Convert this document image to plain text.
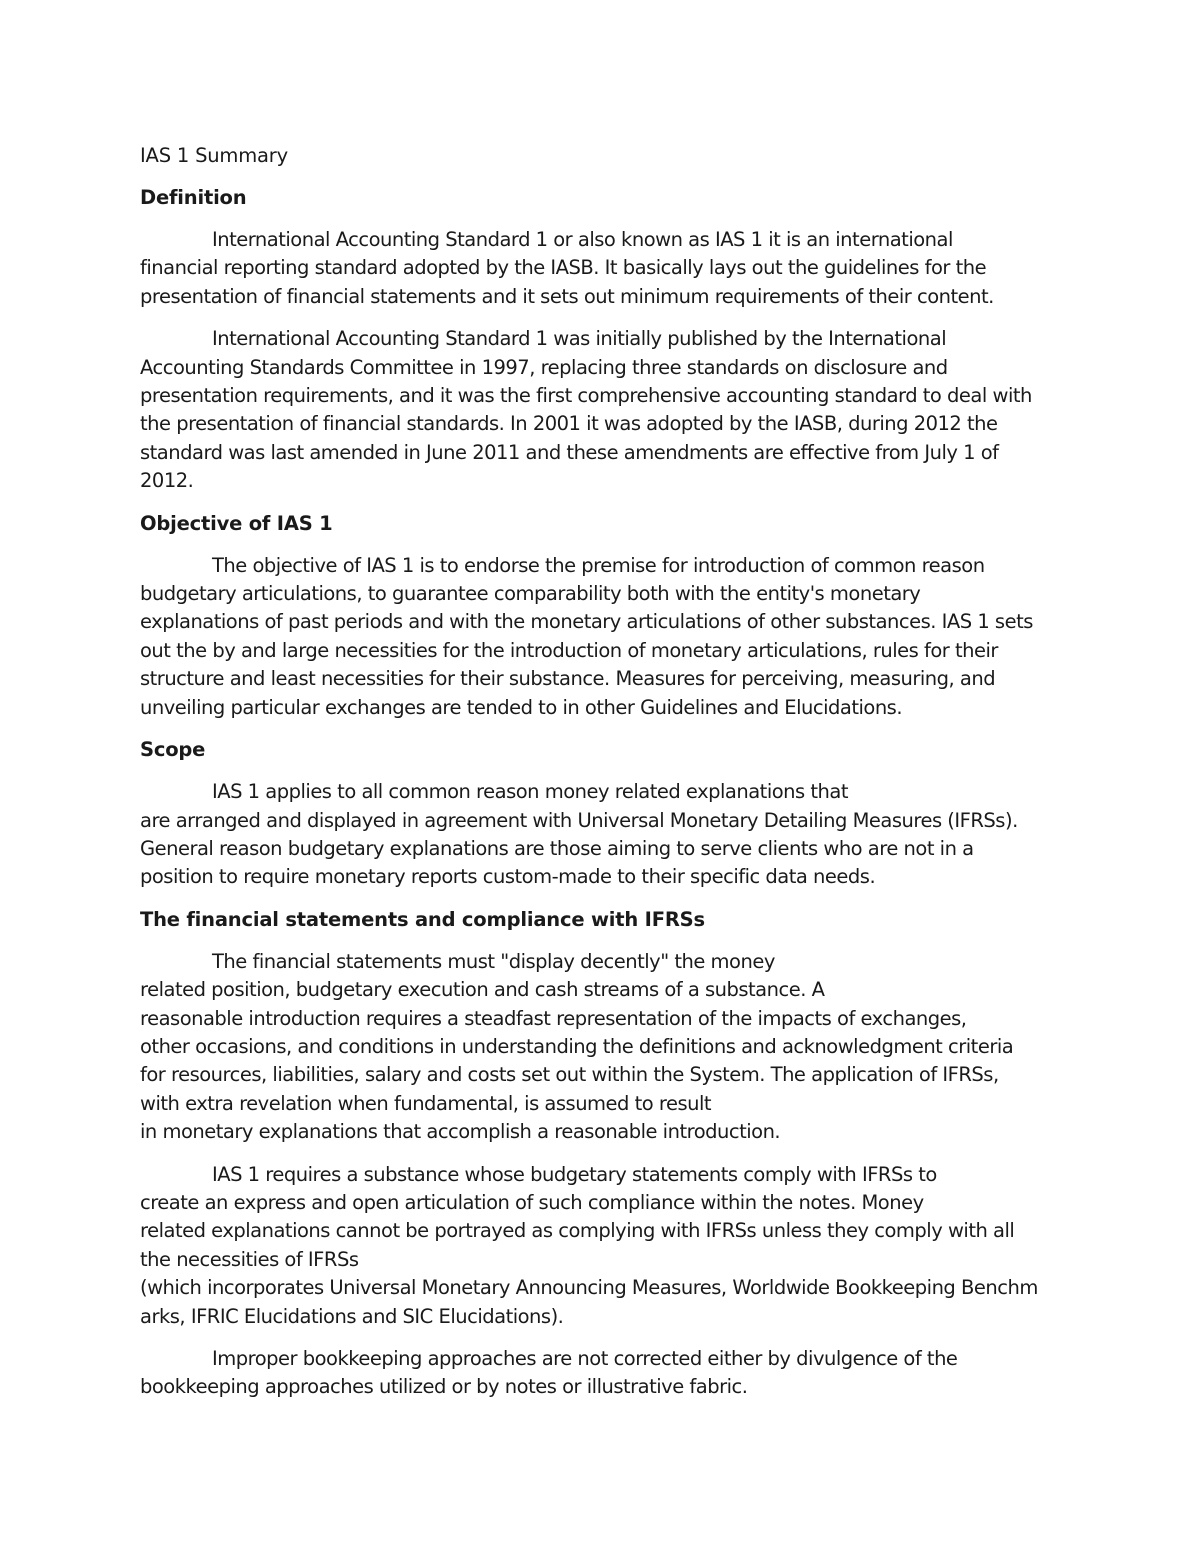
IAS 1 Summary
Definition
International Accounting Standard 1 or also known as IAS 1 it is an international
financial reporting standard adopted by the IASB. It basically lays out the guidelines for the
presentation of financial statements and it sets out minimum requirements of their content.
International Accounting Standard 1 was initially published by the International
Accounting Standards Committee in 1997, replacing three standards on disclosure and
presentation requirements, and it was the first comprehensive accounting standard to deal with
the presentation of financial standards. In 2001 it was adopted by the IASB, during 2012 the
standard was last amended in June 2011 and these amendments are effective from July 1 of
2012.
Objective of IAS 1
The objective of IAS 1 is to endorse the premise for introduction of common reason
budgetary articulations, to guarantee comparability both with the entity's monetary
explanations of past periods and with the monetary articulations of other substances. IAS 1 sets
out the by and large necessities for the introduction of monetary articulations, rules for their
structure and least necessities for their substance. Measures for perceiving, measuring, and
unveiling particular exchanges are tended to in other Guidelines and Elucidations.
Scope
IAS 1 applies to all common reason money related explanations that
are arranged and displayed in agreement with Universal Monetary Detailing Measures (IFRSs).
General reason budgetary explanations are those aiming to serve clients who are not in a
position to require monetary reports custom-made to their specific data needs.
The financial statements and compliance with IFRSs
The financial statements must "display decently" the money
related position, budgetary execution and cash streams of a substance. A
reasonable introduction requires a steadfast representation of the impacts of exchanges,
other occasions, and conditions in understanding the definitions and acknowledgment criteria
for resources, liabilities, salary and costs set out within the System. The application of IFRSs,
with extra revelation when fundamental, is assumed to result
in monetary explanations that accomplish a reasonable introduction.
IAS 1 requires a substance whose budgetary statements comply with IFRSs to
create an express and open articulation of such compliance within the notes. Money
related explanations cannot be portrayed as complying with IFRSs unless they comply with all
the necessities of IFRSs
(which incorporates Universal Monetary Announcing Measures, Worldwide Bookkeeping Benchm
arks, IFRIC Elucidations and SIC Elucidations).
Improper bookkeeping approaches are not corrected either by divulgence of the
bookkeeping approaches utilized or by notes or illustrative fabric.
